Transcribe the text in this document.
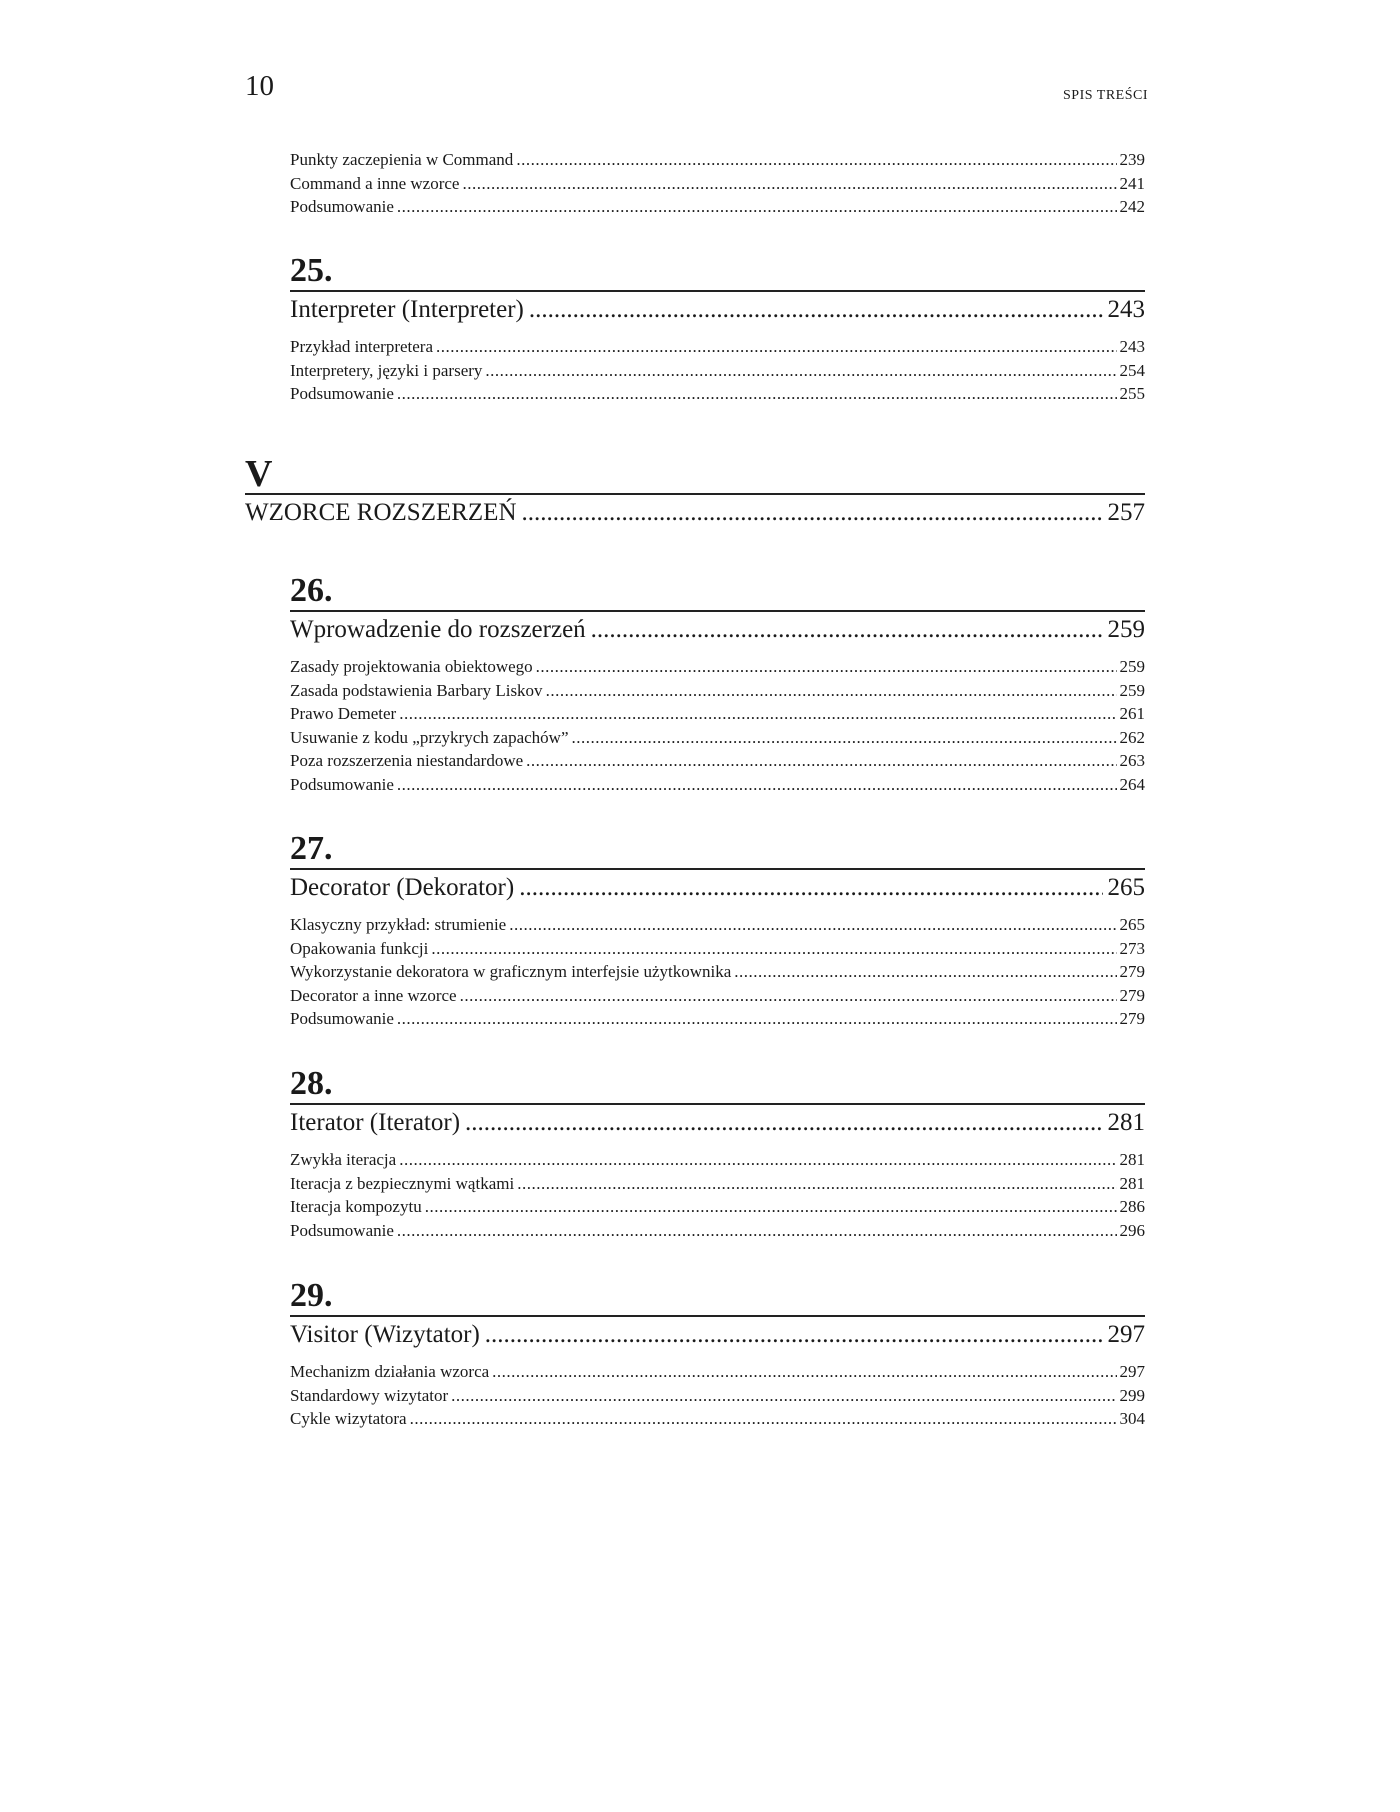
10	SPIS TREŚCI
Punkty zaczepienia w Command .....	239
Command a inne wzorce .....	241
Podsumowanie .....	242
25.
Interpreter (Interpreter) .....	243
Przykład interpretera .....	243
Interpretery, języki i parsery .....	254
Podsumowanie .....	255
V
WZORCE ROZSZERZEŃ .....	257
26.
Wprowadzenie do rozszerzeń .....	259
Zasady projektowania obiektowego .....	259
Zasada podstawienia Barbary Liskov .....	259
Prawo Demeter .....	261
Usuwanie z kodu „przykrych zapachów” .....	262
Poza rozszerzenia niestandardowe .....	263
Podsumowanie .....	264
27.
Decorator (Dekorator) .....	265
Klasyczny przykład: strumienie .....	265
Opakowania funkcji .....	273
Wykorzystanie dekoratora w graficznym interfejsie użytkownika .....	279
Decorator a inne wzorce .....	279
Podsumowanie .....	279
28.
Iterator (Iterator) .....	281
Zwykła iteracja .....	281
Iteracja z bezpiecznymi wątkami .....	281
Iteracja kompozytu .....	286
Podsumowanie .....	296
29.
Visitor (Wizytator) .....	297
Mechanizm działania wzorca .....	297
Standardowy wizytator .....	299
Cykle wizytatora .....	304
